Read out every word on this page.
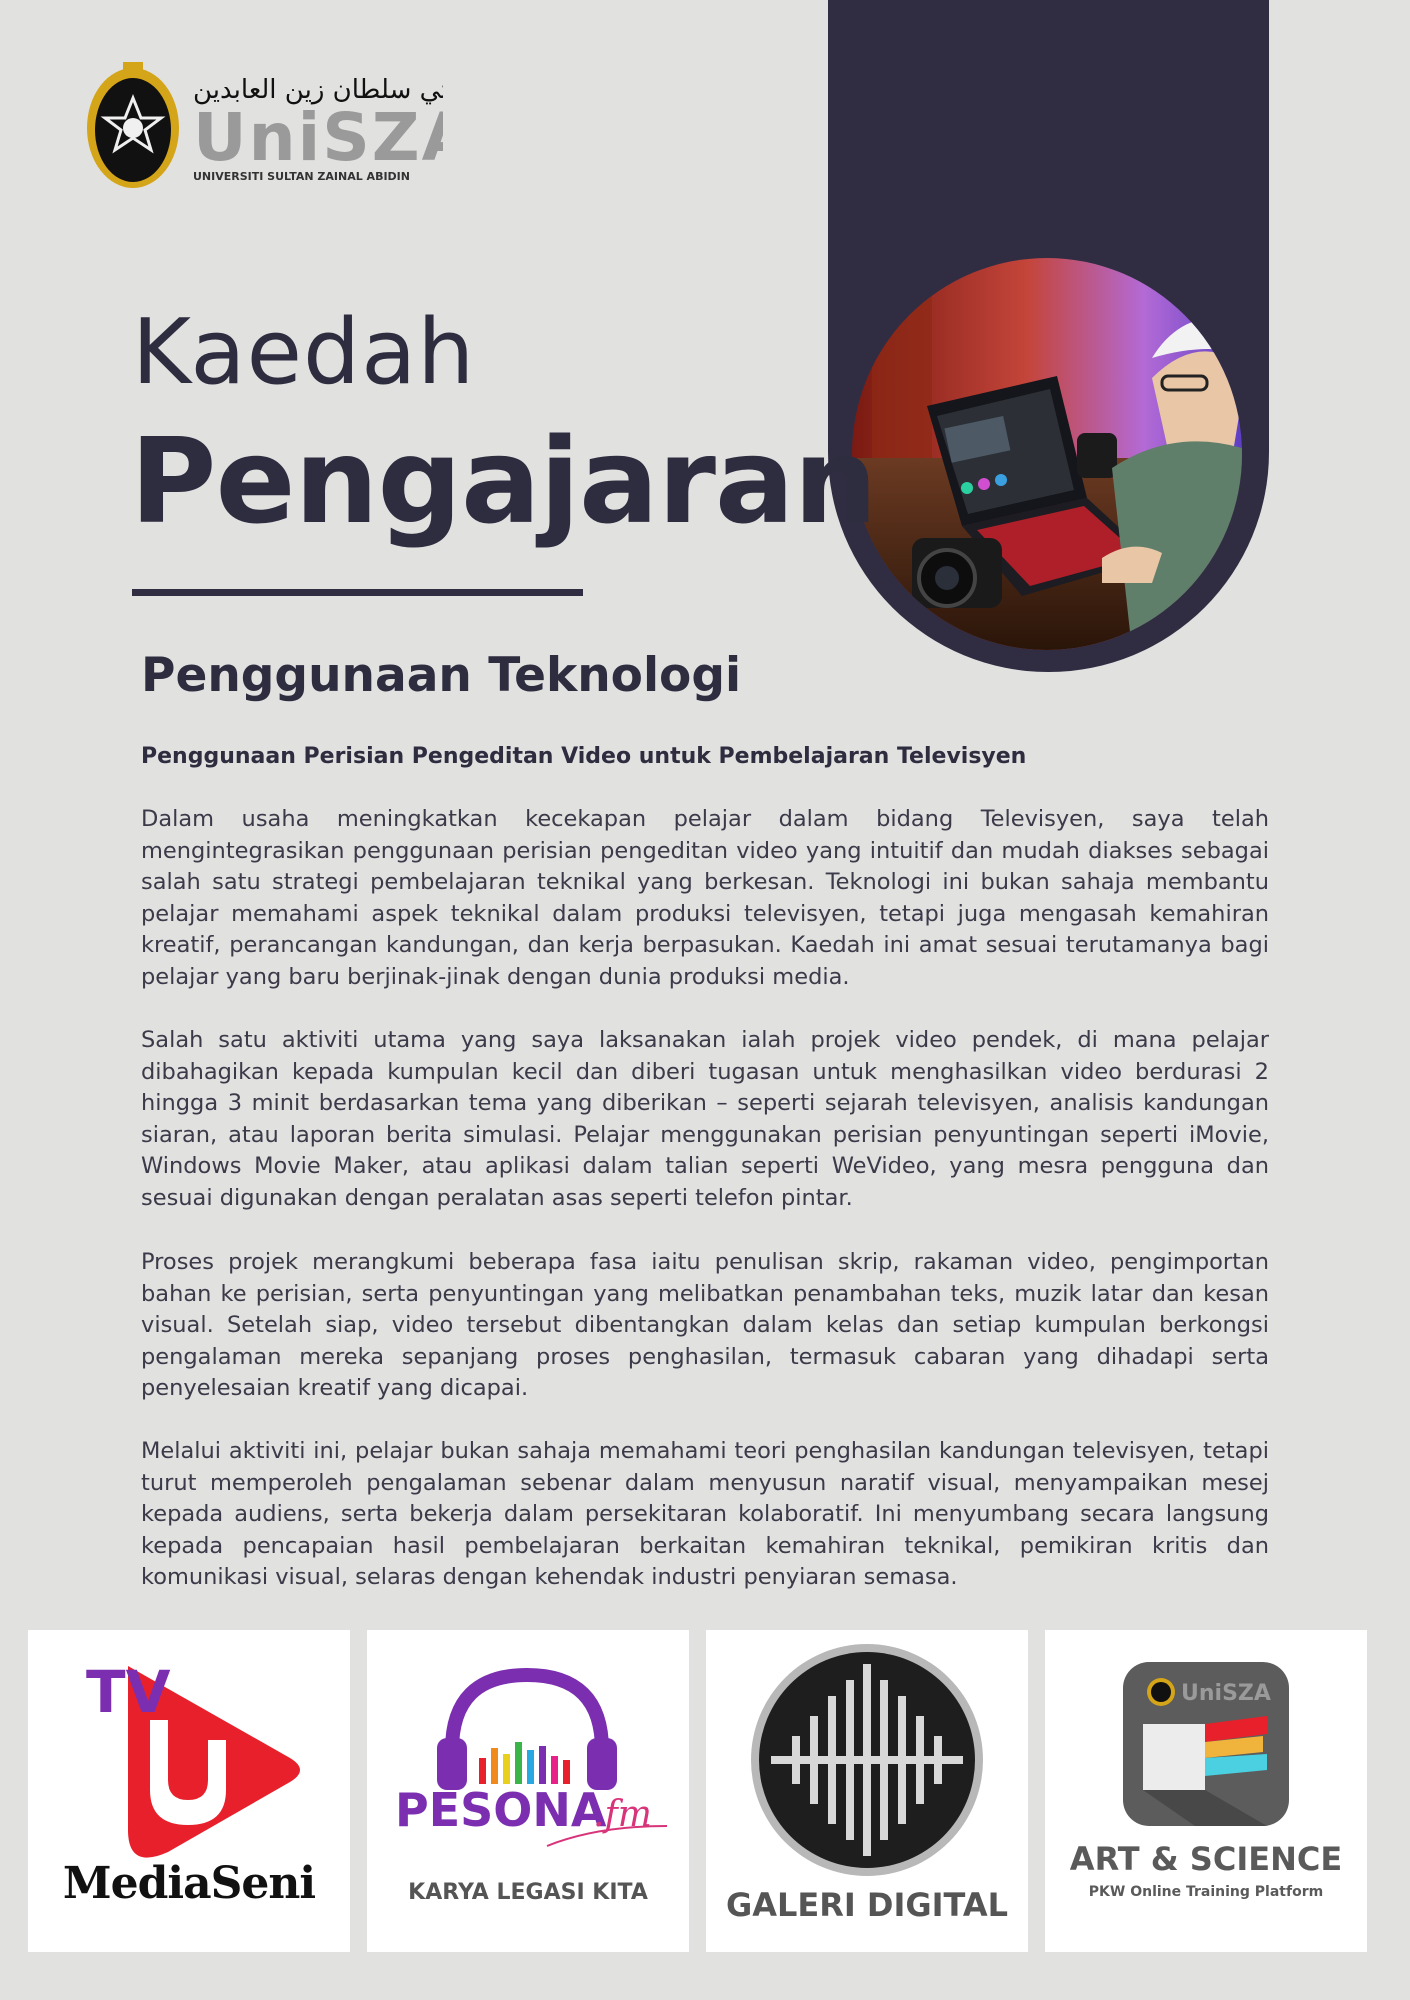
UniSZ
ي سلطان زين العابدين
UNIVERSITI SULTAN ZAINAL ABIDIN
Kaedah
Pengajaran
Penggunaan Teknologi
Penggunaan Perisian Pengeditan Video untuk Pembelajaran Televisyen
Dalam usaha meningkatkan kecekapan pelajar dalam bidang Televisyen, saya telah mengintegrasikan penggunaan perisian pengeditan video yang intuitif dan mudah diakses sebagai salah satu strategi pembelajaran teknikal yang berkesan. Teknologi ini bukan sahaja membantu pelajar memahami aspek teknikal dalam produksi televisyen, tetapi juga mengasah kemahiran kreatif, perancangan kandungan, dan kerja berpasukan. Kaedah ini amat sesuai terutamanya bagi pelajar yang baru berjinak-jinak dengan dunia produksi media.
Salah satu aktiviti utama yang saya laksanakan ialah projek video pendek, di mana pelajar dibahagikan kepada kumpulan kecil dan diberi tugasan untuk menghasilkan video berdurasi 2 hingga 3 minit berdasarkan tema yang diberikan – seperti sejarah televisyen, analisis kandungan siaran, atau laporan berita simulasi. Pelajar menggunakan perisian penyuntingan seperti iMovie, Windows Movie Maker, atau aplikasi dalam talian seperti WeVideo, yang mesra pengguna dan sesuai digunakan dengan peralatan asas seperti telefon pintar.
Proses projek merangkumi beberapa fasa iaitu penulisan skrip, rakaman video, pengimportan bahan ke perisian, serta penyuntingan yang melibatkan penambahan teks, muzik latar dan kesan visual. Setelah siap, video tersebut dibentangkan dalam kelas dan setiap kumpulan berkongsi pengalaman mereka sepanjang proses penghasilan, termasuk cabaran yang dihadapi serta penyelesaian kreatif yang dicapai.
Melalui aktiviti ini, pelajar bukan sahaja memahami teori penghasilan kandungan televisyen, tetapi turut memperoleh pengalaman sebenar dalam menyusun naratif visual, menyampaikan mesej kepada audiens, serta bekerja dalam persekitaran kolaboratif. Ini menyumbang secara langsung kepada pencapaian hasil pembelajaran berkaitan kemahiran teknikal, pemikiran kritis dan komunikasi visual, selaras dengan kehendak industri penyiaran semasa.
TV
MediaSeni
PESONA
.fm
KARYA LEGASI KITA	GALERI DIGITAL
UniSZA
ART & SCIENCE
PKW Online Training Platform
